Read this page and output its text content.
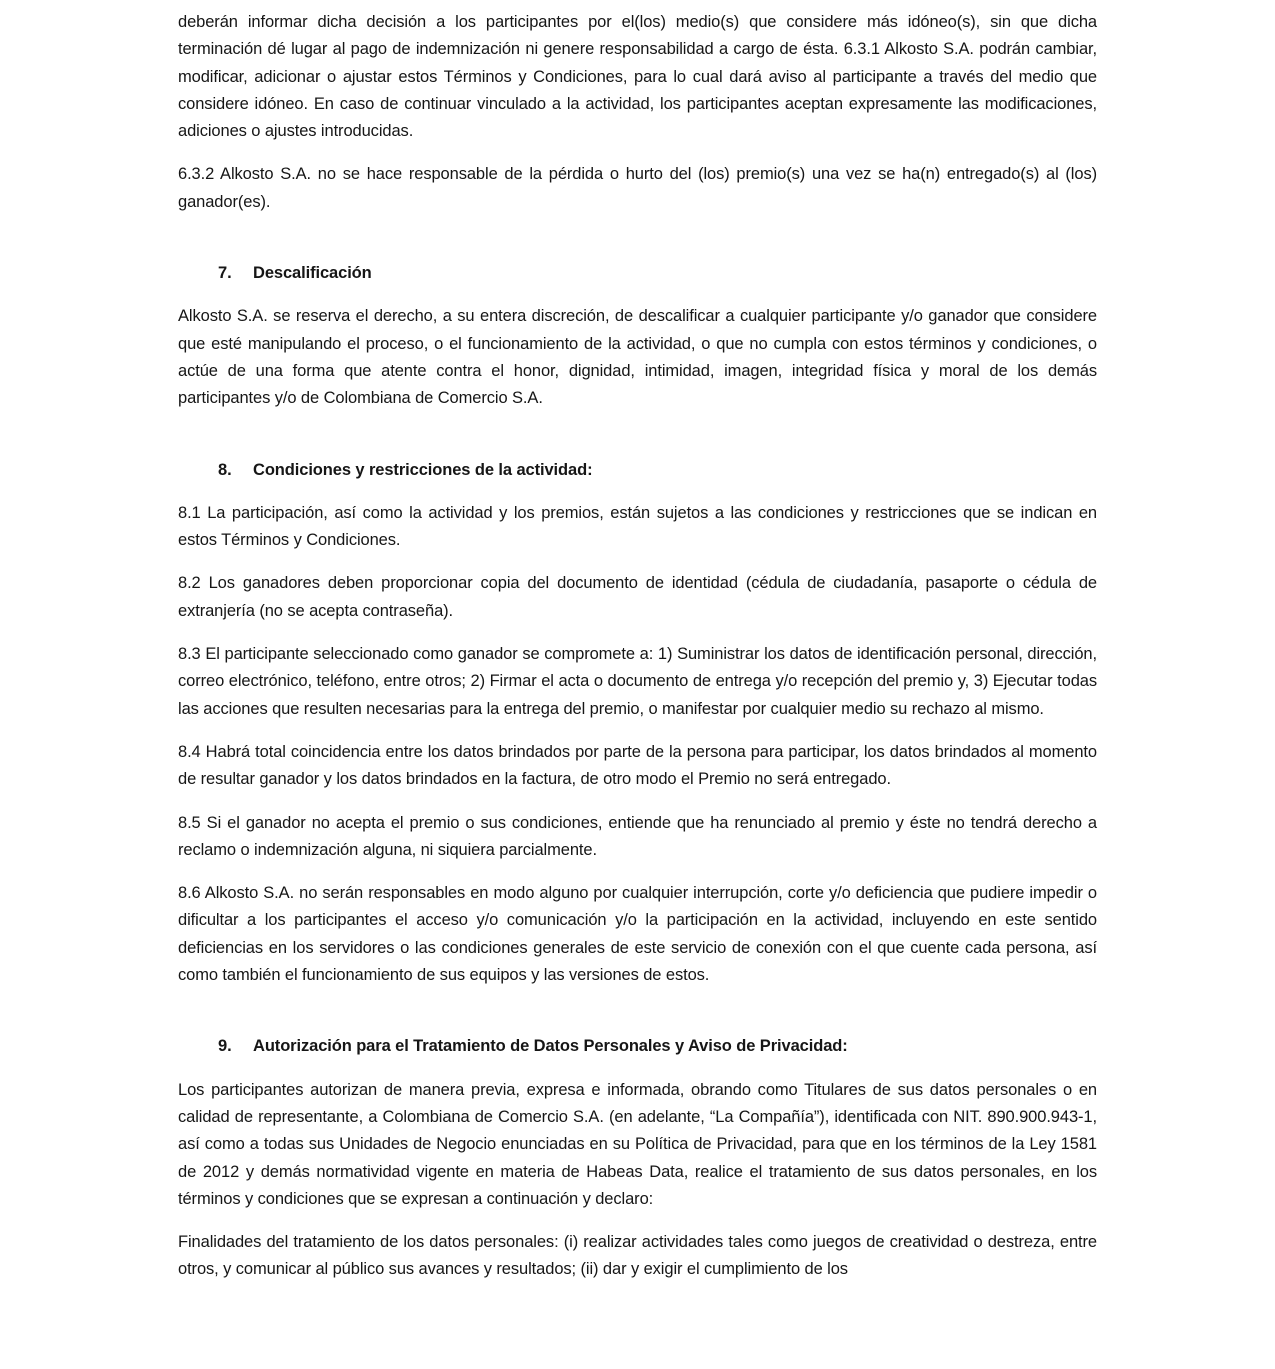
deberán informar dicha decisión a los participantes por el(los) medio(s) que considere más idóneo(s), sin que dicha terminación dé lugar al pago de indemnización ni genere responsabilidad a cargo de ésta. 6.3.1 Alkosto S.A. podrán cambiar, modificar, adicionar o ajustar estos Términos y Condiciones, para lo cual dará aviso al participante a través del medio que considere idóneo. En caso de continuar vinculado a la actividad, los participantes aceptan expresamente las modificaciones, adiciones o ajustes introducidas.

6.3.2 Alkosto S.A. no se hace responsable de la pérdida o hurto del (los) premio(s) una vez se ha(n) entregado(s) al (los) ganador(es).

7. Descalificación

Alkosto S.A. se reserva el derecho, a su entera discreción, de descalificar a cualquier participante y/o ganador que considere que esté manipulando el proceso, o el funcionamiento de la actividad, o que no cumpla con estos términos y condiciones, o actúe de una forma que atente contra el honor, dignidad, intimidad, imagen, integridad física y moral de los demás participantes y/o de Colombiana de Comercio S.A.

8. Condiciones y restricciones de la actividad:

8.1 La participación, así como la actividad y los premios, están sujetos a las condiciones y restricciones que se indican en estos Términos y Condiciones.

8.2 Los ganadores deben proporcionar copia del documento de identidad (cédula de ciudadanía, pasaporte o cédula de extranjería (no se acepta contraseña).

8.3 El participante seleccionado como ganador se compromete a: 1) Suministrar los datos de identificación personal, dirección, correo electrónico, teléfono, entre otros; 2) Firmar el acta o documento de entrega y/o recepción del premio y, 3) Ejecutar todas las acciones que resulten necesarias para la entrega del premio, o manifestar por cualquier medio su rechazo al mismo.

8.4 Habrá total coincidencia entre los datos brindados por parte de la persona para participar, los datos brindados al momento de resultar ganador y los datos brindados en la factura, de otro modo el Premio no será entregado.

8.5 Si el ganador no acepta el premio o sus condiciones, entiende que ha renunciado al premio y éste no tendrá derecho a reclamo o indemnización alguna, ni siquiera parcialmente.

8.6 Alkosto S.A. no serán responsables en modo alguno por cualquier interrupción, corte y/o deficiencia que pudiere impedir o dificultar a los participantes el acceso y/o comunicación y/o la participación en la actividad, incluyendo en este sentido deficiencias en los servidores o las condiciones generales de este servicio de conexión con el que cuente cada persona, así como también el funcionamiento de sus equipos y las versiones de estos.

9. Autorización para el Tratamiento de Datos Personales y Aviso de Privacidad:

Los participantes autorizan de manera previa, expresa e informada, obrando como Titulares de sus datos personales o en calidad de representante, a Colombiana de Comercio S.A. (en adelante, “La Compañía”), identificada con NIT. 890.900.943-1, así como a todas sus Unidades de Negocio enunciadas en su Política de Privacidad, para que en los términos de la Ley 1581 de 2012 y demás normatividad vigente en materia de Habeas Data, realice el tratamiento de sus datos personales, en los términos y condiciones que se expresan a continuación y declaro:

Finalidades del tratamiento de los datos personales: (i) realizar actividades tales como juegos de creatividad o destreza, entre otros, y comunicar al público sus avances y resultados; (ii) dar y exigir el cumplimiento de los
